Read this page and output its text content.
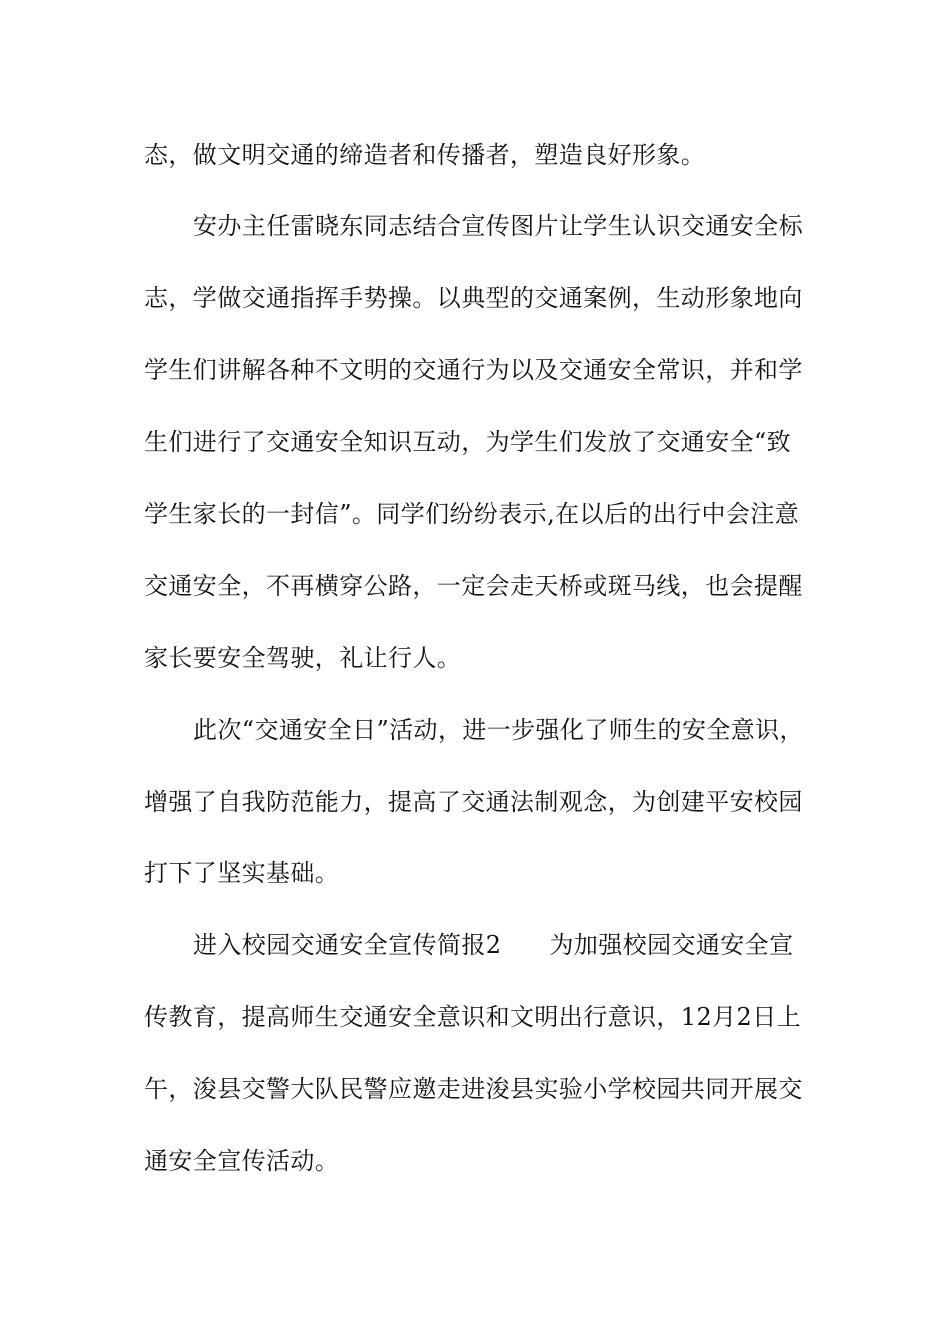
态，做文明交通的缔造者和传播者，塑造良好形象。
安办主任雷晓东同志结合宣传图片让学生认识交通安全标
志，学做交通指挥手势操。以典型的交通案例，生动形象地向
学生们讲解各种不文明的交通行为以及交通安全常识，并和学
生们进行了交通安全知识互动，为学生们发放了交通安全“致
学生家长的一封信”。同学们纷纷表示,在以后的出行中会注意
交通安全，不再横穿公路，一定会走天桥或斑马线，也会提醒
家长要安全驾驶，礼让行人。
此次“交通安全日”活动，进一步强化了师生的安全意识，
增强了自我防范能力，提高了交通法制观念，为创建平安校园
打下了坚实基础。
进入校园交通安全宣传简报2 为加强校园交通安全宣
传教育，提高师生交通安全意识和文明出行意识，12月2日上
午，浚县交警大队民警应邀走进浚县实验小学校园共同开展交
通安全宣传活动。
